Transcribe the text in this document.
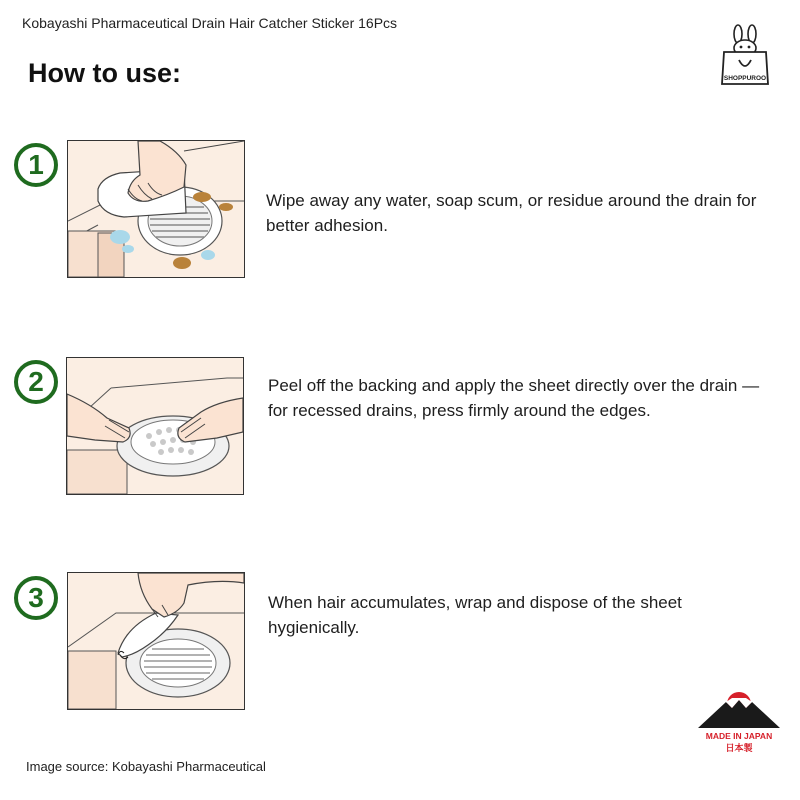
Kobayashi Pharmaceutical Drain Hair Catcher Sticker 16Pcs
How to use:	SHOPPUROO
1
Wipe away any water, soap scum, or residue around the drain for better adhesion.
2	Peel off the backing and apply the sheet directly over the drain — for recessed drains, press firmly around the edges.
3	When hair accumulates, wrap and dispose of the sheet hygienically.
MADE IN JAPAN
日本製
Image source: Kobayashi Pharmaceutical
